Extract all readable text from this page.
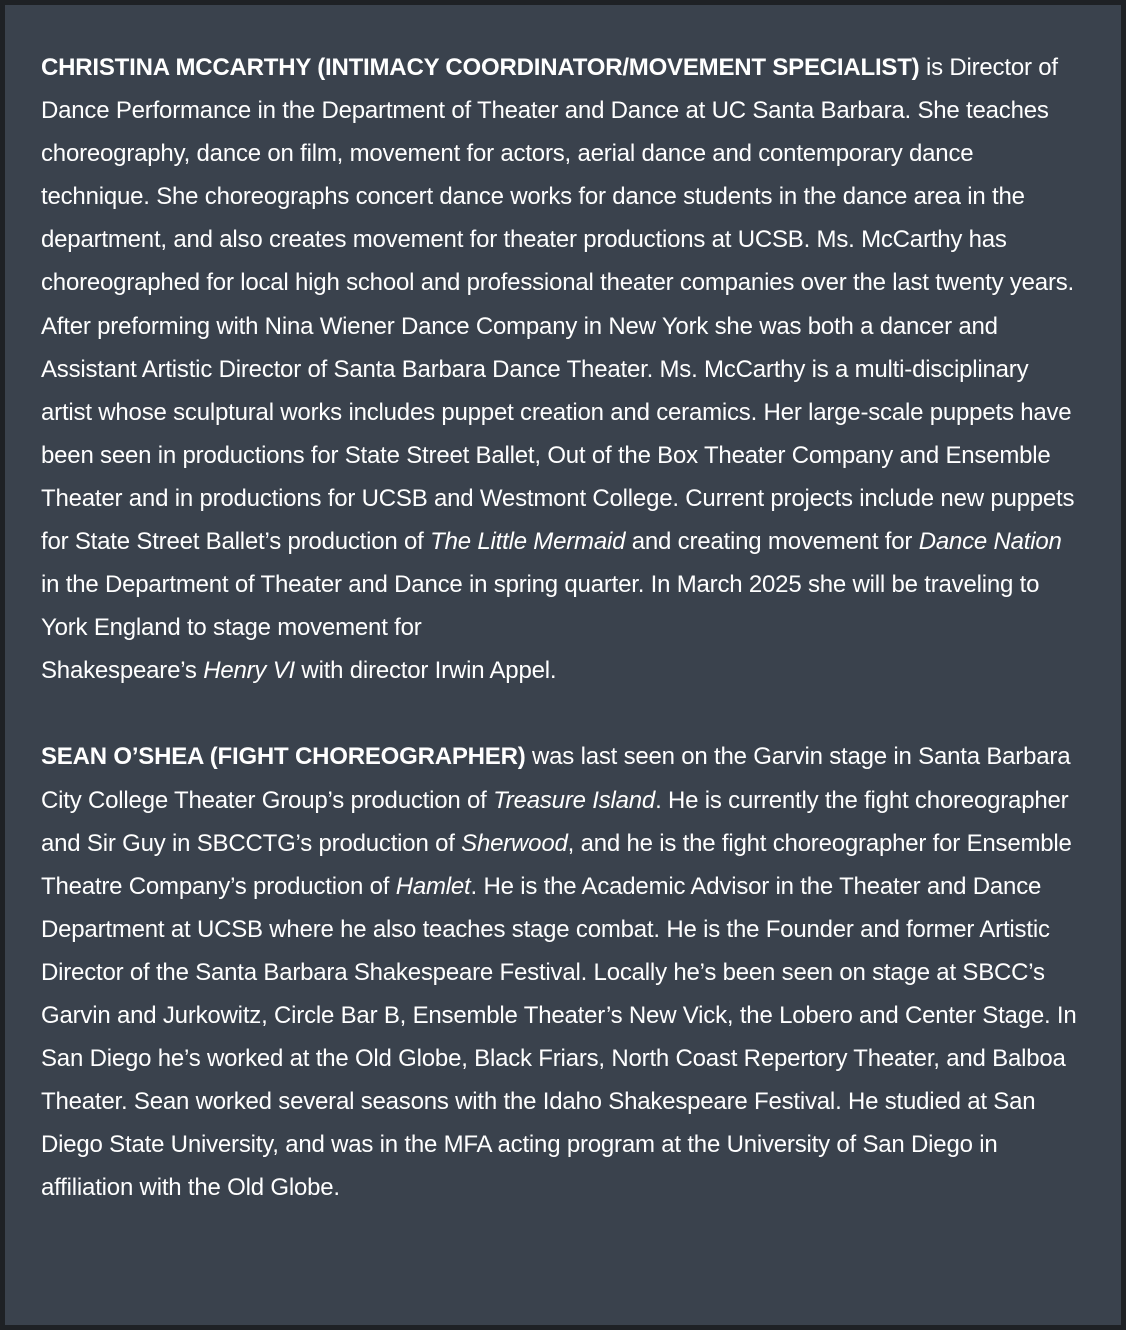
CHRISTINA MCCARTHY (INTIMACY COORDINATOR/MOVEMENT SPECIALIST) is Director of Dance Performance in the Department of Theater and Dance at UC Santa Barbara. She teaches choreography, dance on film, movement for actors, aerial dance and contemporary dance technique. She choreographs concert dance works for dance students in the dance area in the department, and also creates movement for theater productions at UCSB. Ms. McCarthy has choreographed for local high school and professional theater companies over the last twenty years. After preforming with Nina Wiener Dance Company in New York she was both a dancer and Assistant Artistic Director of Santa Barbara Dance Theater. Ms. McCarthy is a multi-disciplinary artist whose sculptural works includes puppet creation and ceramics. Her large-scale puppets have been seen in productions for State Street Ballet, Out of the Box Theater Company and Ensemble Theater and in productions for UCSB and Westmont College. Current projects include new puppets for State Street Ballet’s production of The Little Mermaid and creating movement for Dance Nation in the Department of Theater and Dance in spring quarter. In March 2025 she will be traveling to York England to stage movement for
Shakespeare’s Henry VI with director Irwin Appel.

SEAN O’SHEA (FIGHT CHOREOGRAPHER) was last seen on the Garvin stage in Santa Barbara City College Theater Group’s production of Treasure Island. He is currently the fight choreographer and Sir Guy in SBCCTG’s production of Sherwood, and he is the fight choreographer for Ensemble Theatre Company’s production of Hamlet. He is the Academic Advisor in the Theater and Dance Department at UCSB where he also teaches stage combat. He is the Founder and former Artistic Director of the Santa Barbara Shakespeare Festival. Locally he’s been seen on stage at SBCC’s Garvin and Jurkowitz, Circle Bar B, Ensemble Theater’s New Vick, the Lobero and Center Stage. In San Diego he’s worked at the Old Globe, Black Friars, North Coast Repertory Theater, and Balboa Theater. Sean worked several seasons with the Idaho Shakespeare Festival. He studied at San Diego State University, and was in the MFA acting program at the University of San Diego in affiliation with the Old Globe.
